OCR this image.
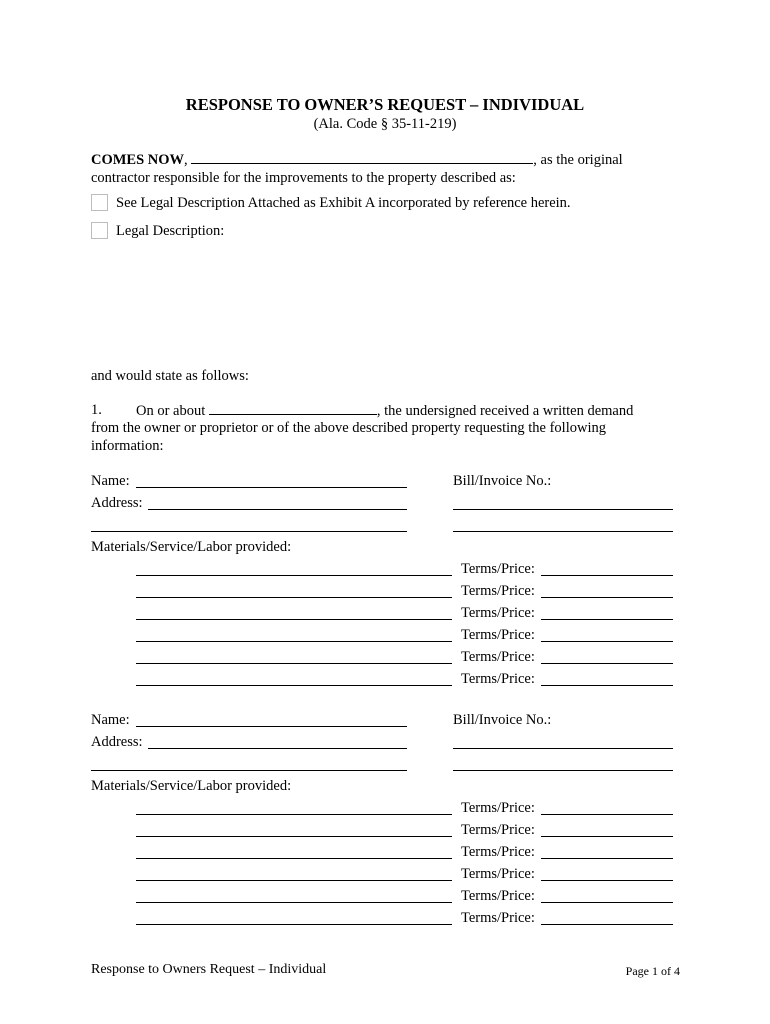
RESPONSE TO OWNER’S REQUEST – INDIVIDUAL
(Ala. Code § 35-11-219)
COMES NOW,	, as the original
contractor responsible for the improvements to the property described as:
See Legal Description Attached as Exhibit A incorporated by reference herein.
Legal Description:
and would state as follows:
1. On or about	, the undersigned received a written demand
from the owner or proprietor or of the above described property requesting the following
information:
Name:	Bill/Invoice No.:
Address:
Materials/Service/Labor provided:
Terms/Price:
Terms/Price:
Terms/Price:
Terms/Price:
Terms/Price:
Terms/Price:
Name:	Bill/Invoice No.:
Address:
Materials/Service/Labor provided:
Terms/Price:
Terms/Price:
Terms/Price:
Terms/Price:
Terms/Price:
Terms/Price:
Response to Owners Request – Individual	Page 1 of 4
